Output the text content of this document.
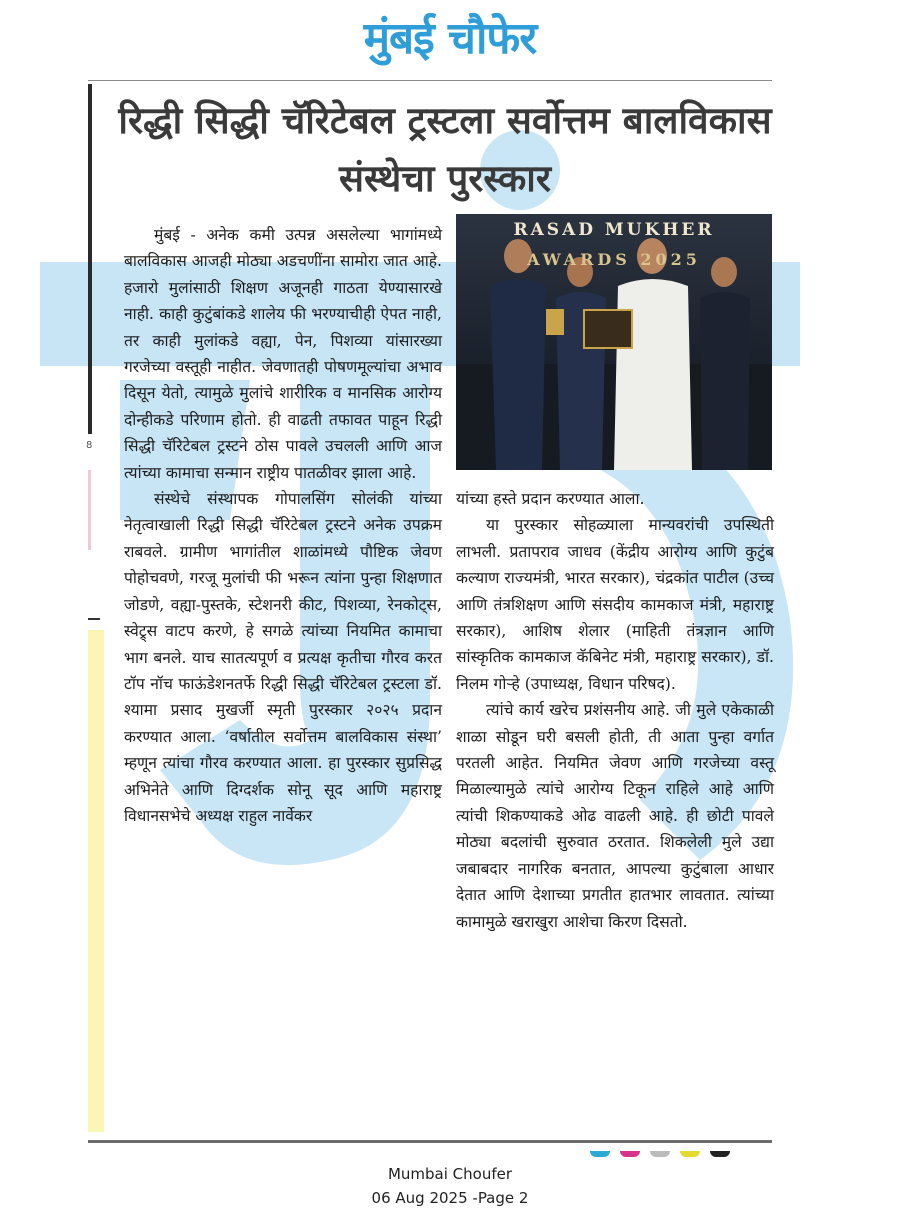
मुंबई चौफेर
8
रिद्धी सिद्धी चॅरिटेबल ट्रस्टला सर्वोत्तम बालविकास संस्थेचा पुरस्कार

मुंबई - अनेक कमी उत्पन्न असलेल्या भागांमध्ये बालविकास आजही मोठ्या अडचणींना सामोरा जात आहे. हजारो मुलांसाठी शिक्षण अजूनही गाठता येण्यासारखे नाही. काही कुटुंबांकडे शालेय फी भरण्याचीही ऐपत नाही, तर काही मुलांकडे वह्या, पेन, पिशव्या यांसारख्या गरजेच्या वस्तूही नाहीत. जेवणातही पोषणमूल्यांचा अभाव दिसून येतो, त्यामुळे मुलांचे शारीरिक व मानसिक आरोग्य दोन्हीकडे परिणाम होतो. ही वाढती तफावत पाहून रिद्धी सिद्धी चॅरिटेबल ट्रस्टने ठोस पावले उचलली आणि आज त्यांच्या कामाचा सन्मान राष्ट्रीय पातळीवर झाला आहे.

संस्थेचे संस्थापक गोपालसिंग सोलंकी यांच्या नेतृत्वाखाली रिद्धी सिद्धी चॅरिटेबल ट्रस्टने अनेक उपक्रम राबवले. ग्रामीण भागांतील शाळांमध्ये पौष्टिक जेवण पोहोचवणे, गरजू मुलांची फी भरून त्यांना पुन्हा शिक्षणात जोडणे, वह्या-पुस्तके, स्टेशनरी कीट, पिशव्या, रेनकोट्स, स्वेट्र्स वाटप करणे, हे सगळे त्यांच्या नियमित कामाचा भाग बनले. याच सातत्यपूर्ण व प्रत्यक्ष कृतीचा गौरव करत टॉप नॉच फाऊंडेशनतर्फे रिद्धी सिद्धी चॅरिटेबल ट्रस्टला डॉ. श्यामा प्रसाद मुखर्जी स्मृती पुरस्कार २०२५ प्रदान करण्यात आला. ‘वर्षातील सर्वोत्तम बालविकास संस्था’ म्हणून त्यांचा गौरव करण्यात आला. हा पुरस्कार सुप्रसिद्ध अभिनेते आणि दिग्दर्शक सोनू सूद आणि महाराष्ट्र विधानसभेचे अध्यक्ष राहुल नार्वेकर

RASAD MUKHER
AWARDS 2025

यांच्या हस्ते प्रदान करण्यात आला.

या पुरस्कार सोहळ्याला मान्यवरांची उपस्थिती लाभली. प्रतापराव जाधव (केंद्रीय आरोग्य आणि कुटुंब कल्याण राज्यमंत्री, भारत सरकार), चंद्रकांत पाटील (उच्च आणि तंत्रशिक्षण आणि संसदीय कामकाज मंत्री, महाराष्ट्र सरकार), आशिष शेलार (माहिती तंत्रज्ञान आणि सांस्कृतिक कामकाज कॅबिनेट मंत्री, महाराष्ट्र सरकार), डॉ. निलम गोऱ्हे (उपाध्यक्ष, विधान परिषद).

त्यांचे कार्य खरेच प्रशंसनीय आहे. जी मुले एकेकाळी शाळा सोडून घरी बसली होती, ती आता पुन्हा वर्गात परतली आहेत. नियमित जेवण आणि गरजेच्या वस्तू मिळाल्यामुळे त्यांचे आरोग्य टिकून राहिले आहे आणि त्यांची शिकण्याकडे ओढ वाढली आहे. ही छोटी पावले मोठ्या बदलांची सुरुवात ठरतात. शिकलेली मुले उद्या जबाबदार नागरिक बनतात, आपल्या कुटुंबाला आधार देतात आणि देशाच्या प्रगतीत हातभार लावतात. त्यांच्या कामामुळे खराखुरा आशेचा किरण दिसतो.

Mumbai Choufer
06 Aug 2025 -Page 2
